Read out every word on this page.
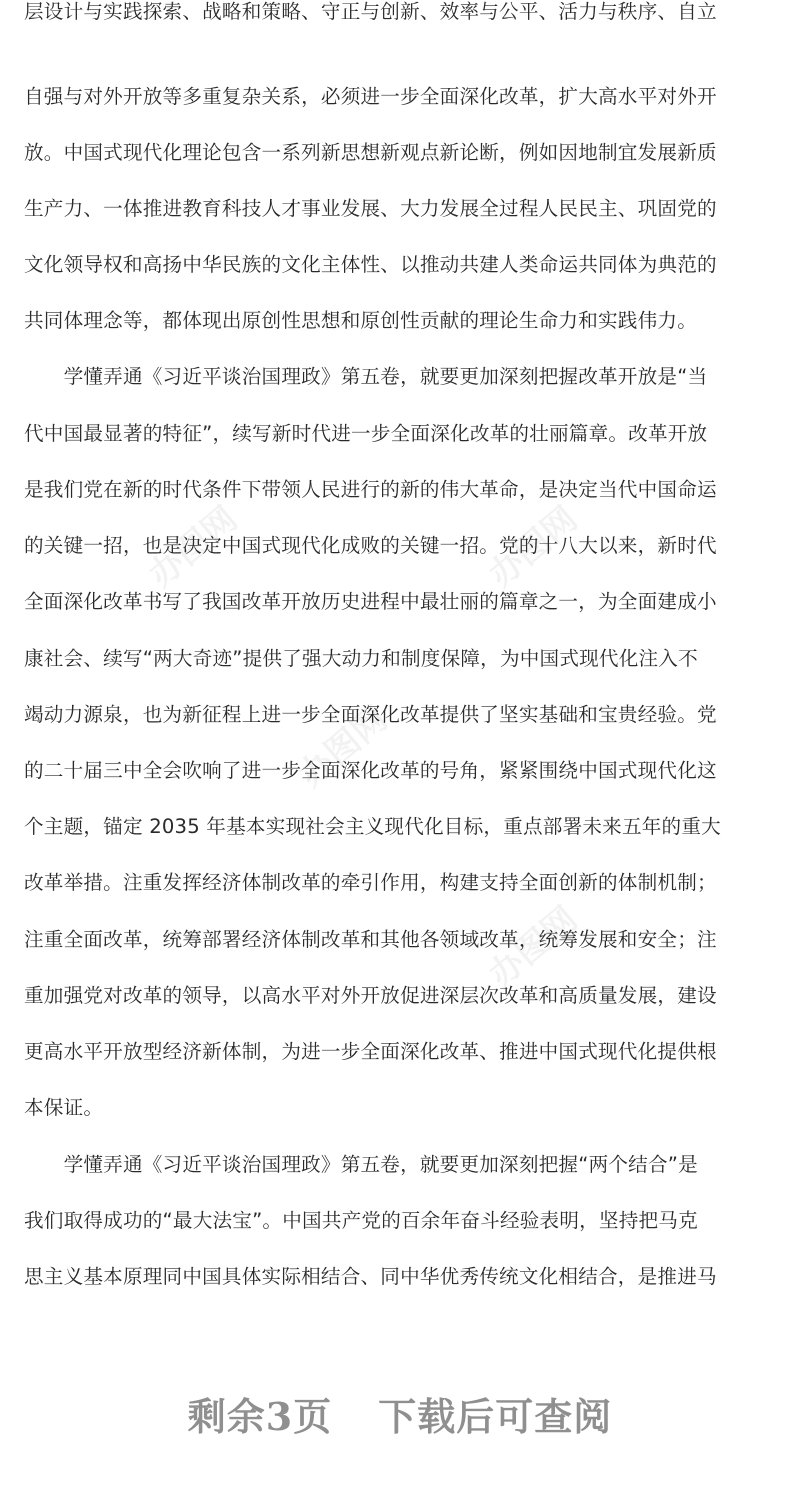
层设计与实践探索、战略和策略、守正与创新、效率与公平、活力与秩序、自立
自强与对外开放等多重复杂关系，必须进一步全面深化改革，扩大高水平对外开
放。中国式现代化理论包含一系列新思想新观点新论断，例如因地制宜发展新质
生产力、一体推进教育科技人才事业发展、大力发展全过程人民民主、巩固党的
文化领导权和高扬中华民族的文化主体性、以推动共建人类命运共同体为典范的
共同体理念等，都体现出原创性思想和原创性贡献的理论生命力和实践伟力。
　　学懂弄通《习近平谈治国理政》第五卷，就要更加深刻把握改革开放是“当
代中国最显著的特征”，续写新时代进一步全面深化改革的壮丽篇章。改革开放
是我们党在新的时代条件下带领人民进行的新的伟大革命，是决定当代中国命运
的关键一招，也是决定中国式现代化成败的关键一招。党的十八大以来，新时代
全面深化改革书写了我国改革开放历史进程中最壮丽的篇章之一，为全面建成小
康社会、续写“两大奇迹”提供了强大动力和制度保障，为中国式现代化注入不
竭动力源泉，也为新征程上进一步全面深化改革提供了坚实基础和宝贵经验。党
的二十届三中全会吹响了进一步全面深化改革的号角，紧紧围绕中国式现代化这
个主题，锚定 2035 年基本实现社会主义现代化目标，重点部署未来五年的重大
改革举措。注重发挥经济体制改革的牵引作用，构建支持全面创新的体制机制；
注重全面改革，统筹部署经济体制改革和其他各领域改革，统筹发展和安全；注
重加强党对改革的领导，以高水平对外开放促进深层次改革和高质量发展，建设
更高水平开放型经济新体制，为进一步全面深化改革、推进中国式现代化提供根
本保证。
　　学懂弄通《习近平谈治国理政》第五卷，就要更加深刻把握“两个结合”是
我们取得成功的“最大法宝”。中国共产党的百余年奋斗经验表明，坚持把马克
思主义基本原理同中国具体实际相结合、同中华优秀传统文化相结合，是推进马
办图网	办图网
办图网
办图网
剩余3页 下载后可查阅
